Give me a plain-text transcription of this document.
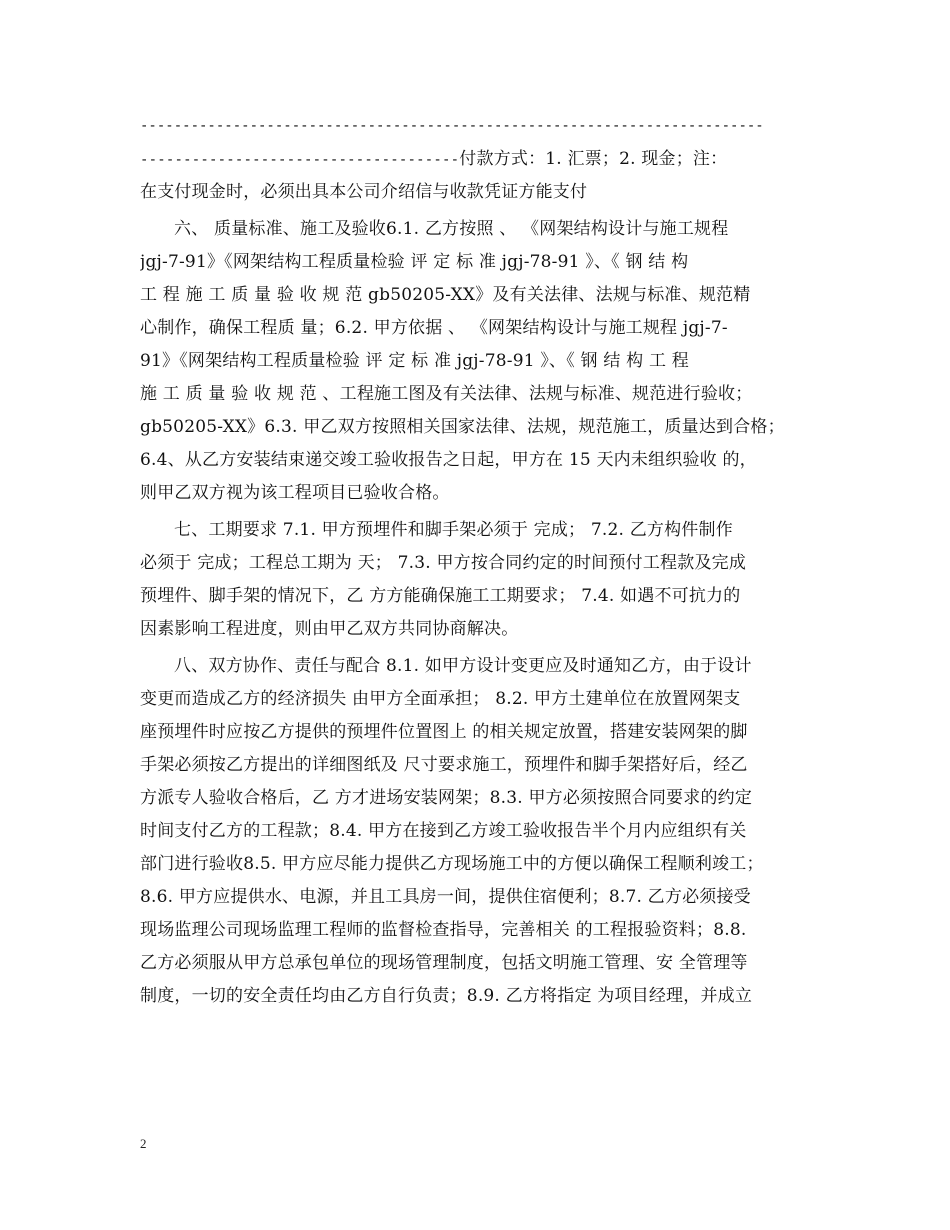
--------------------------------------------------------------------------
-------------------------------------付款方式：1. 汇票；2. 现金；注：
在支付现金时，必须出具本公司介绍信与收款凭证方能支付
六、 质量标准、施工及验收6.1. 乙方按照 、 《网架结构设计与施工规程
jgj-7-91》《网架结构工程质量检验 评 定 标 准 jgj-78-91 》、《 钢 结 构
工 程 施 工 质 量 验 收 规 范 gb50205-XX》及有关法律、法规与标准、规范精
心制作，确保工程质 量；6.2. 甲方依据 、 《网架结构设计与施工规程 jgj-7-
91》《网架结构工程质量检验 评 定 标 准 jgj-78-91 》、《 钢 结 构 工 程
施 工 质 量 验 收 规 范 、工程施工图及有关法律、法规与标准、规范进行验收；
gb50205-XX》6.3. 甲乙双方按照相关国家法律、法规，规范施工，质量达到合格；
6.4、从乙方安装结束递交竣工验收报告之日起，甲方在 15 天内未组织验收 的，
则甲乙双方视为该工程项目已验收合格。
七、工期要求 7.1. 甲方预埋件和脚手架必须于 完成； 7.2. 乙方构件制作
必须于 完成；工程总工期为 天； 7.3. 甲方按合同约定的时间预付工程款及完成
预埋件、脚手架的情况下，乙 方方能确保施工工期要求； 7.4. 如遇不可抗力的
因素影响工程进度，则由甲乙双方共同协商解决。
八、双方协作、责任与配合 8.1. 如甲方设计变更应及时通知乙方，由于设计
变更而造成乙方的经济损失 由甲方全面承担； 8.2. 甲方土建单位在放置网架支
座预埋件时应按乙方提供的预埋件位置图上 的相关规定放置，搭建安装网架的脚
手架必须按乙方提出的详细图纸及 尺寸要求施工，预埋件和脚手架搭好后，经乙
方派专人验收合格后，乙 方才进场安装网架；8.3. 甲方必须按照合同要求的约定
时间支付乙方的工程款；8.4. 甲方在接到乙方竣工验收报告半个月内应组织有关
部门进行验收8.5. 甲方应尽能力提供乙方现场施工中的方便以确保工程顺利竣工；
8.6. 甲方应提供水、电源，并且工具房一间，提供住宿便利；8.7. 乙方必须接受
现场监理公司现场监理工程师的监督检查指导，完善相关 的工程报验资料；8.8.
乙方必须服从甲方总承包单位的现场管理制度，包括文明施工管理、安 全管理等
制度，一切的安全责任均由乙方自行负责；8.9. 乙方将指定 为项目经理，并成立
2
